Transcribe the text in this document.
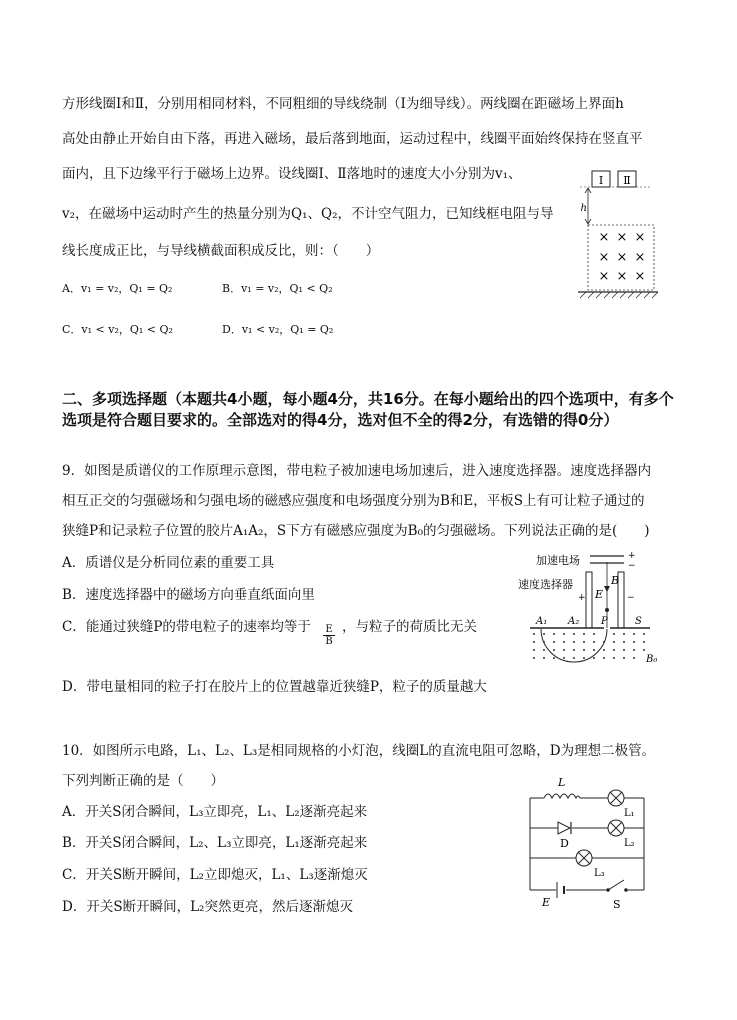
方形线圈Ⅰ和Ⅱ，分别用相同材料，不同粗细的导线绕制（Ⅰ为细导线）。两线圈在距磁场上界面h
高处由静止开始自由下落，再进入磁场，最后落到地面，运动过程中，线圈平面始终保持在竖直平
面内，且下边缘平行于磁场上边界。设线圈Ⅰ、Ⅱ落地时的速度大小分别为v₁、
v₂，在磁场中运动时产生的热量分别为Q₁、Q₂，不计空气阻力，已知线框电阻与导
线长度成正比，与导线横截面积成反比，则：（　　）
A．v₁ = v₂，Q₁ = Q₂	B．v₁ = v₂，Q₁ < Q₂
C．v₁ < v₂，Q₁ < Q₂	D．v₁ < v₂，Q₁ = Q₂
Ⅰ Ⅱ
h
× × ×
× × ×
× × ×
二、多项选择题（本题共4小题，每小题4分，共16分。在每小题给出的四个选项中，有多个选项是符合题目要求的。全部选对的得4分，选对但不全的得2分，有选错的得0分）
9．如图是质谱仪的工作原理示意图，带电粒子被加速电场加速后，进入速度选择器。速度选择器内
相互正交的匀强磁场和匀强电场的磁感应强度和电场强度分别为B和E，平板S上有可让粒子通过的
狭缝P和记录粒子位置的胶片A₁A₂，S下方有磁感应强度为B₀的匀强磁场。下列说法正确的是(　　)
A．质谱仪是分析同位素的重要工具
B．速度选择器中的磁场方向垂直纸面向里
C．能通过狭缝P的带电粒子的速率均等于 $\frac{E}{B}$ ，与粒子的荷质比无关
D．带电量相同的粒子打在胶片上的位置越靠近狭缝P，粒子的质量越大
加速电场	+
−
速度选择器
+	−
E
B
A₁ A₂ P	S
B₀
10．如图所示电路，L₁、L₂、L₃是相同规格的小灯泡，线圈L的直流电阻可忽略，D为理想二极管。
下列判断正确的是（　　）
A．开关S闭合瞬间，L₃立即亮，L₁、L₂逐渐亮起来
B．开关S闭合瞬间，L₂、L₃立即亮，L₁逐渐亮起来
C．开关S断开瞬间，L₂立即熄灭，L₁、L₃逐渐熄灭
D．开关S断开瞬间，L₂突然更亮，然后逐渐熄灭
L
L₁
D	L₂
L₃
E	S
